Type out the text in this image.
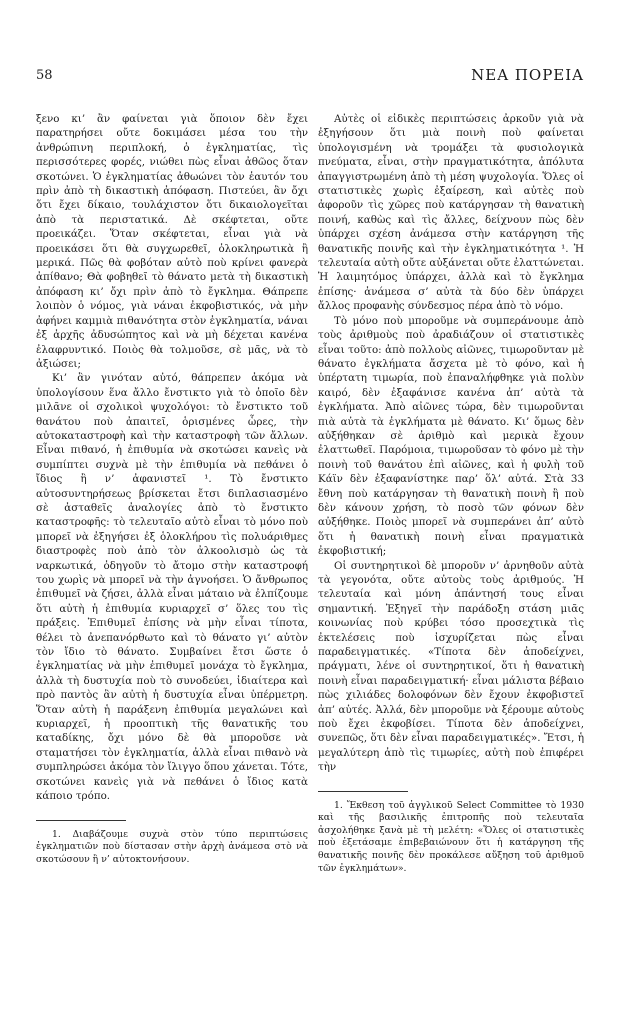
58	ΝΕΑ ΠΟΡΕΙΑ

ξενο κι’ ἂν φαίνεται γιὰ ὅποιον δὲν ἔχει παρατηρήσει οὔτε δοκιμάσει μέσα του τὴν ἀνθρώπινη περιπλοκή, ὁ ἐγκληματίας, τὶς περισσότερες φορές, νιώθει πὼς εἶναι ἀθῶος ὅταν σκοτώνει. Ὁ ἐγκληματίας ἀθωώνει τὸν ἑαυτόν του πρὶν ἀπὸ τὴ δικαστικὴ ἀπόφαση. Πιστεύει, ἂν ὄχι ὅτι ἔχει δίκαιο, τουλάχιστον ὅτι δικαιολογεῖται ἀπὸ τὰ περιστατικά. Δὲ σκέφτεται, οὔτε προεικάζει. Ὅταν σκέφτεται, εἶναι γιὰ νὰ προεικάσει ὅτι θὰ συγχωρεθεῖ, ὁλοκληρωτικὰ ἢ μερικά. Πῶς θὰ φοβόταν αὐτὸ ποὺ κρίνει φανερὰ ἀπίθανο; Θὰ φοβηθεῖ τὸ θάνατο μετὰ τὴ δικαστικὴ ἀπόφαση κι’ ὄχι πρὶν ἀπὸ τὸ ἔγκλημα. Θάπρεπε λοιπὸν ὁ νόμος, γιὰ νάναι ἐκφοβιστικός, νὰ μὴν ἀφήνει καμμιὰ πιθανότητα στὸν ἐγκληματία, νάναι ἐξ ἀρχῆς ἀδυσώπητος καὶ νὰ μὴ δέχεται κανένα ἐλαφρυντικό. Ποιὸς θὰ τολμοῦσε, σὲ μᾶς, νὰ τὸ ἀξιώσει;

Κι’ ἂν γινόταν αὐτό, θάπρεπεν ἀκόμα νὰ ὑπολογίσουν ἕνα ἄλλο ἔνστικτο γιὰ τὸ ὁποῖο δὲν μιλᾶνε οἱ σχολικοὶ ψυχολόγοι: τὸ ἔνστικτο τοῦ θανάτου ποὺ ἀπαιτεῖ, ὁρισμένες ὧρες, τὴν αὐτοκαταστροφὴ καὶ τὴν καταστροφὴ τῶν ἄλλων. Εἶναι πιθανό, ἡ ἐπιθυμία νὰ σκοτώσει κανεὶς νὰ συμπίπτει συχνὰ μὲ τὴν ἐπιθυμία νὰ πεθάνει ὁ ἴδιος ἢ ν’ ἀφανιστεῖ ¹. Τὸ ἔνστικτο αὐτοσυντηρήσεως βρίσκεται ἔτσι διπλασιασμένο σὲ ἀσταθεῖς ἀναλογίες ἀπὸ τὸ ἔνστικτο καταστροφῆς: τὸ τελευταῖο αὐτὸ εἶναι τὸ μόνο ποὺ μπορεῖ νὰ ἐξηγήσει ἐξ ὁλοκλήρου τὶς πολυάριθμες διαστροφὲς ποὺ ἀπὸ τὸν ἀλκοολισμὸ ὡς τὰ ναρκωτικά, ὁδηγοῦν τὸ ἄτομο στὴν καταστροφή του χωρὶς νὰ μπορεῖ νὰ τὴν ἀγνοήσει. Ὁ ἄνθρωπος ἐπιθυμεῖ νὰ ζήσει, ἀλλὰ εἶναι μάταιο νὰ ἐλπίζουμε ὅτι αὐτὴ ἡ ἐπιθυμία κυριαρχεῖ σ’ ὅλες του τὶς πράξεις. Ἐπιθυμεῖ ἐπίσης νὰ μὴν εἶναι τίποτα, θέλει τὸ ἀνεπανόρθωτο καὶ τὸ θάνατο γι’ αὐτὸν τὸν ἴδιο τὸ θάνατο. Συμβαίνει ἔτσι ὥστε ὁ ἐγκληματίας νὰ μὴν ἐπιθυμεῖ μονάχα τὸ ἔγκλημα, ἀλλὰ τὴ δυστυχία ποὺ τὸ συνοδεύει, ἰδιαίτερα καὶ πρὸ παντὸς ἂν αὐτὴ ἡ δυστυχία εἶναι ὑπέρμετρη. Ὅταν αὐτὴ ἡ παράξενη ἐπιθυμία μεγαλώνει καὶ κυριαρχεῖ, ἡ προοπτικὴ τῆς θανατικῆς του καταδίκης, ὄχι μόνο δὲ θὰ μποροῦσε νὰ σταματήσει τὸν ἐγκληματία, ἀλλὰ εἶναι πιθανὸ νὰ συμπληρώσει ἀκόμα τὸν ἴλιγγο ὅπου χάνεται. Τότε, σκοτώνει κανεὶς γιὰ νὰ πεθάνει ὁ ἴδιος κατὰ κάποιο τρόπο.

1. Διαβάζουμε συχνὰ στὸν τύπο περιπτώσεις ἐγκληματιῶν ποὺ δίστασαν στὴν ἀρχὴ ἀνάμεσα στὸ νὰ σκοτώσουν ἢ ν’ αὐτοκτονήσουν.

Αὐτὲς οἱ εἰδικὲς περιπτώσεις ἀρκοῦν γιὰ νὰ ἐξηγήσουν ὅτι μιὰ ποινὴ ποὺ φαίνεται ὑπολογισμένη νὰ τρομάξει τὰ φυσιολογικὰ πνεύματα, εἶναι, στὴν πραγματικότητα, ἀπόλυτα ἀπαγγιστρωμένη ἀπὸ τὴ μέση ψυχολογία. Ὅλες οἱ στατιστικὲς χωρὶς ἐξαίρεση, καὶ αὐτὲς ποὺ ἀφοροῦν τὶς χῶρες ποὺ κατάργησαν τὴ θανατικὴ ποινή, καθὼς καὶ τὶς ἄλλες, δείχνουν πὼς δὲν ὑπάρχει σχέση ἀνάμεσα στὴν κατάργηση τῆς θανατικῆς ποινῆς καὶ τὴν ἐγκληματικότητα ¹. Ἡ τελευταία αὐτὴ οὔτε αὐξάνεται οὔτε ἐλαττώνεται. Ἡ λαιμητόμος ὑπάρχει, ἀλλὰ καὶ τὸ ἔγκλημα ἐπίσης· ἀνάμεσα σ’ αὐτὰ τὰ δύο δὲν ὑπάρχει ἄλλος προφανὴς σύνδεσμος πέρα ἀπὸ τὸ νόμο.

Τὸ μόνο ποὺ μποροῦμε νὰ συμπεράνουμε ἀπὸ τοὺς ἀριθμοὺς ποὺ ἀραδιάζουν οἱ στατιστικὲς εἶναι τοῦτο: ἀπὸ πολλοὺς αἰῶνες, τιμωροῦνταν μὲ θάνατο ἐγκλήματα ἄσχετα μὲ τὸ φόνο, καὶ ἡ ὑπέρτατη τιμωρία, ποὺ ἐπαναλήφθηκε γιὰ πολὺν καιρό, δὲν ἐξαφάνισε κανένα ἀπ’ αὐτὰ τὰ ἐγκλήματα. Ἀπὸ αἰῶνες τώρα, δὲν τιμωροῦνται πιὰ αὐτὰ τὰ ἐγκλήματα μὲ θάνατο. Κι’ ὅμως δὲν αὐξήθηκαν σὲ ἀριθμὸ καὶ μερικὰ ἔχουν ἐλαττωθεῖ. Παρόμοια, τιμωροῦσαν τὸ φόνο μὲ τὴν ποινὴ τοῦ θανάτου ἐπὶ αἰῶνες, καὶ ἡ φυλὴ τοῦ Κάϊν δὲν ἐξαφανίστηκε παρ’ ὅλ’ αὐτά. Στὰ 33 ἔθνη ποὺ κατάργησαν τὴ θανατικὴ ποινὴ ἢ ποὺ δὲν κάνουν χρήση, τὸ ποσὸ τῶν φόνων δὲν αὐξήθηκε. Ποιὸς μπορεῖ νὰ συμπεράνει ἀπ’ αὐτὸ ὅτι ἡ θανατικὴ ποινὴ εἶναι πραγματικὰ ἐκφοβιστική;

Οἱ συντηρητικοὶ δὲ μποροῦν ν’ ἀρνηθοῦν αὐτὰ τὰ γεγονότα, οὔτε αὐτοὺς τοὺς ἀριθμούς. Ἡ τελευταία καὶ μόνη ἀπάντησή τους εἶναι σημαντική. Ἐξηγεῖ τὴν παράδοξη στάση μιᾶς κοινωνίας ποὺ κρύβει τόσο προσεχτικὰ τὶς ἐκτελέσεις ποὺ ἰσχυρίζεται πὼς εἶναι παραδειγματικές. «Τίποτα δὲν ἀποδείχνει, πράγματι, λένε οἱ συντηρητικοί, ὅτι ἡ θανατικὴ ποινὴ εἶναι παραδειγματική· εἶναι μάλιστα βέβαιο πὼς χιλιάδες δολοφόνων δὲν ἔχουν ἐκφοβιστεῖ ἀπ’ αὐτές. Ἀλλά, δὲν μποροῦμε νὰ ξέρουμε αὐτοὺς ποὺ ἔχει ἐκφοβίσει. Τίποτα δὲν ἀποδείχνει, συνεπῶς, ὅτι δὲν εἶναι παραδειγματικές». Ἔτσι, ἡ μεγαλύτερη ἀπὸ τὶς τιμωρίες, αὐτὴ ποὺ ἐπιφέρει τὴν

1. Ἔκθεση τοῦ ἀγγλικοῦ Select Committee τὸ 1930 καὶ τῆς βασιλικῆς ἐπιτροπῆς ποὺ τελευταῖα ἀσχολήθηκε ξανὰ μὲ τὴ μελέτη: «Ὅλες οἱ στατιστικὲς ποὺ ἐξετάσαμε ἐπιβεβαιώνουν ὅτι ἡ κατάργηση τῆς θανατικῆς ποινῆς δὲν προκάλεσε αὔξηση τοῦ ἀριθμοῦ τῶν ἐγκλημάτων».
